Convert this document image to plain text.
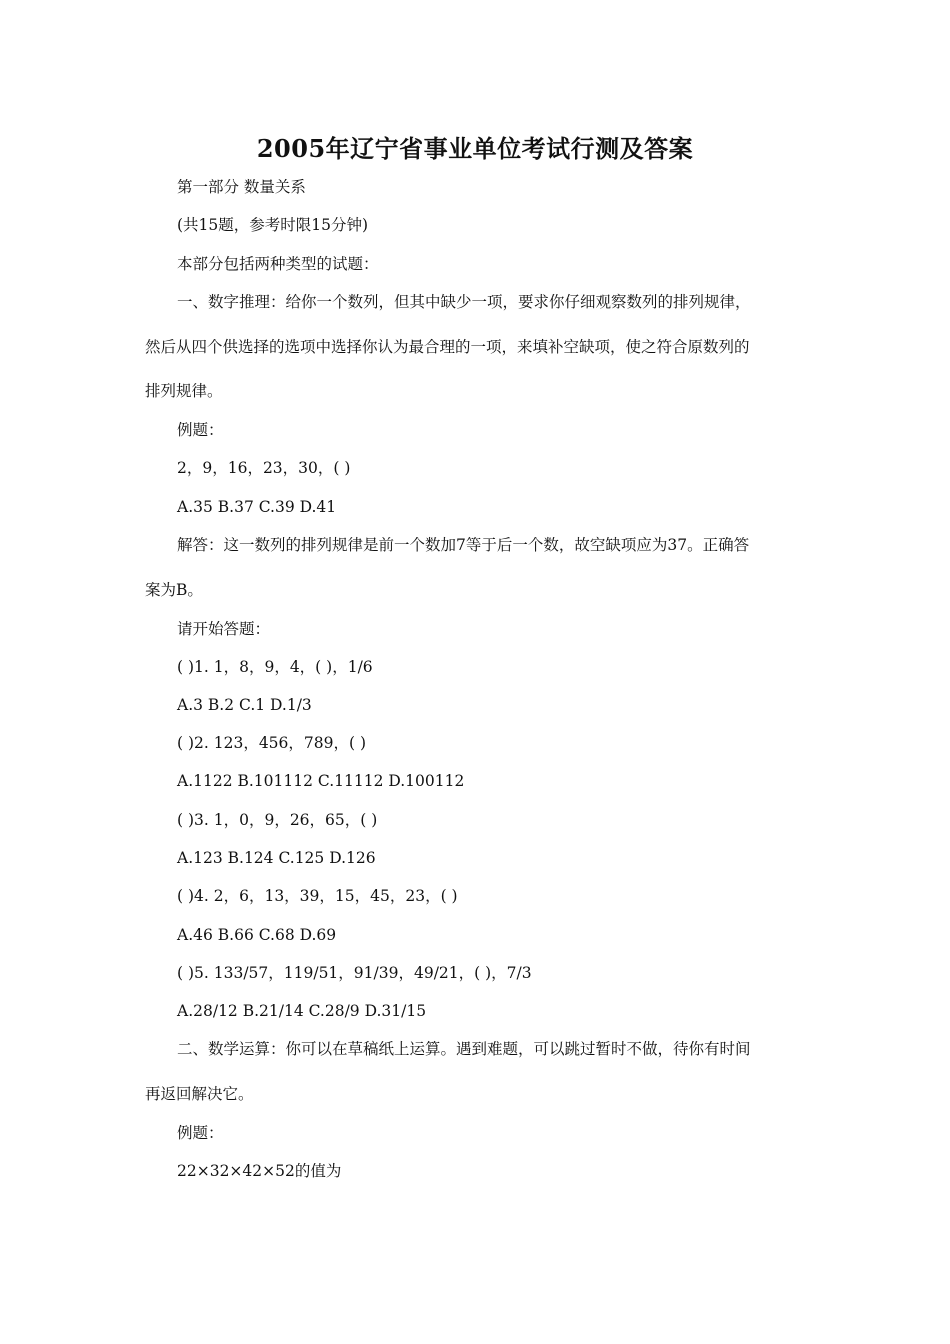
2005年辽宁省事业单位考试行测及答案

第一部分 数量关系

(共15题，参考时限15分钟)

本部分包括两种类型的试题：

一、数字推理：给你一个数列，但其中缺少一项，要求你仔细观察数列的排列规律，

然后从四个供选择的选项中选择你认为最合理的一项，来填补空缺项，使之符合原数列的

排列规律。

例题：

2，9，16，23，30，( )

A.35 B.37 C.39 D.41

解答：这一数列的排列规律是前一个数加7等于后一个数，故空缺项应为37。正确答

案为B。

请开始答题：

( )1. 1，8，9，4，( )，1/6

A.3 B.2 C.1 D.1/3

( )2. 123，456，789，( )

A.1122 B.101112 C.11112 D.100112

( )3. 1，0，9，26，65，( )

A.123 B.124 C.125 D.126

( )4. 2，6，13，39，15，45，23，( )

A.46 B.66 C.68 D.69

( )5. 133/57，119/51，91/39，49/21，( )，7/3

A.28/12 B.21/14 C.28/9 D.31/15

二、数学运算：你可以在草稿纸上运算。遇到难题，可以跳过暂时不做，待你有时间

再返回解决它。

例题：

22×32×42×52的值为
